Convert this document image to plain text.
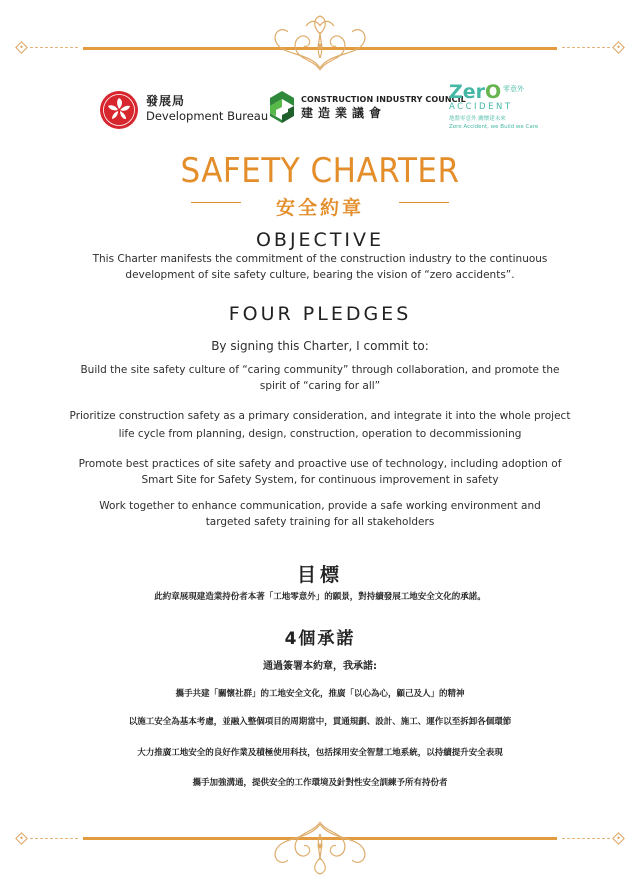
發展局
Development Bureau
CONSTRUCTION INDUSTRY COUNCIL
建造業議會
ZerO 零意外
ACCIDENT
地盤零意外 關懷建未來
Zero Accident, we Build we Care
SAFETY CHARTER
安全約章
OBJECTIVE
This Charter manifests the commitment of the construction industry to the continuous
development of site safety culture, bearing the vision of “zero accidents”.
FOUR PLEDGES
By signing this Charter, I commit to:
Build the site safety culture of “caring community” through collaboration, and promote the
spirit of “caring for all”
Prioritize construction safety as a primary consideration, and integrate it into the whole project
life cycle from planning, design, construction, operation to decommissioning
Promote best practices of site safety and proactive use of technology, including adoption of
Smart Site for Safety System, for continuous improvement in safety
Work together to enhance communication, provide a safe working environment and
targeted safety training for all stakeholders
目標
此約章展現建造業持份者本著「工地零意外」的願景，對持續發展工地安全文化的承諾。
4個承諾
通過簽署本約章，我承諾:
攜手共建「關懷社群」的工地安全文化，推廣「以心為心，顧己及人」的精神
以施工安全為基本考慮，並融入整個項目的周期當中，貫通規劃、設計、施工、運作以至拆卸各個環節
大力推廣工地安全的良好作業及積極使用科技，包括採用安全智慧工地系統，以持續提升安全表現
攜手加強溝通，提供安全的工作環境及針對性安全訓練予所有持份者
